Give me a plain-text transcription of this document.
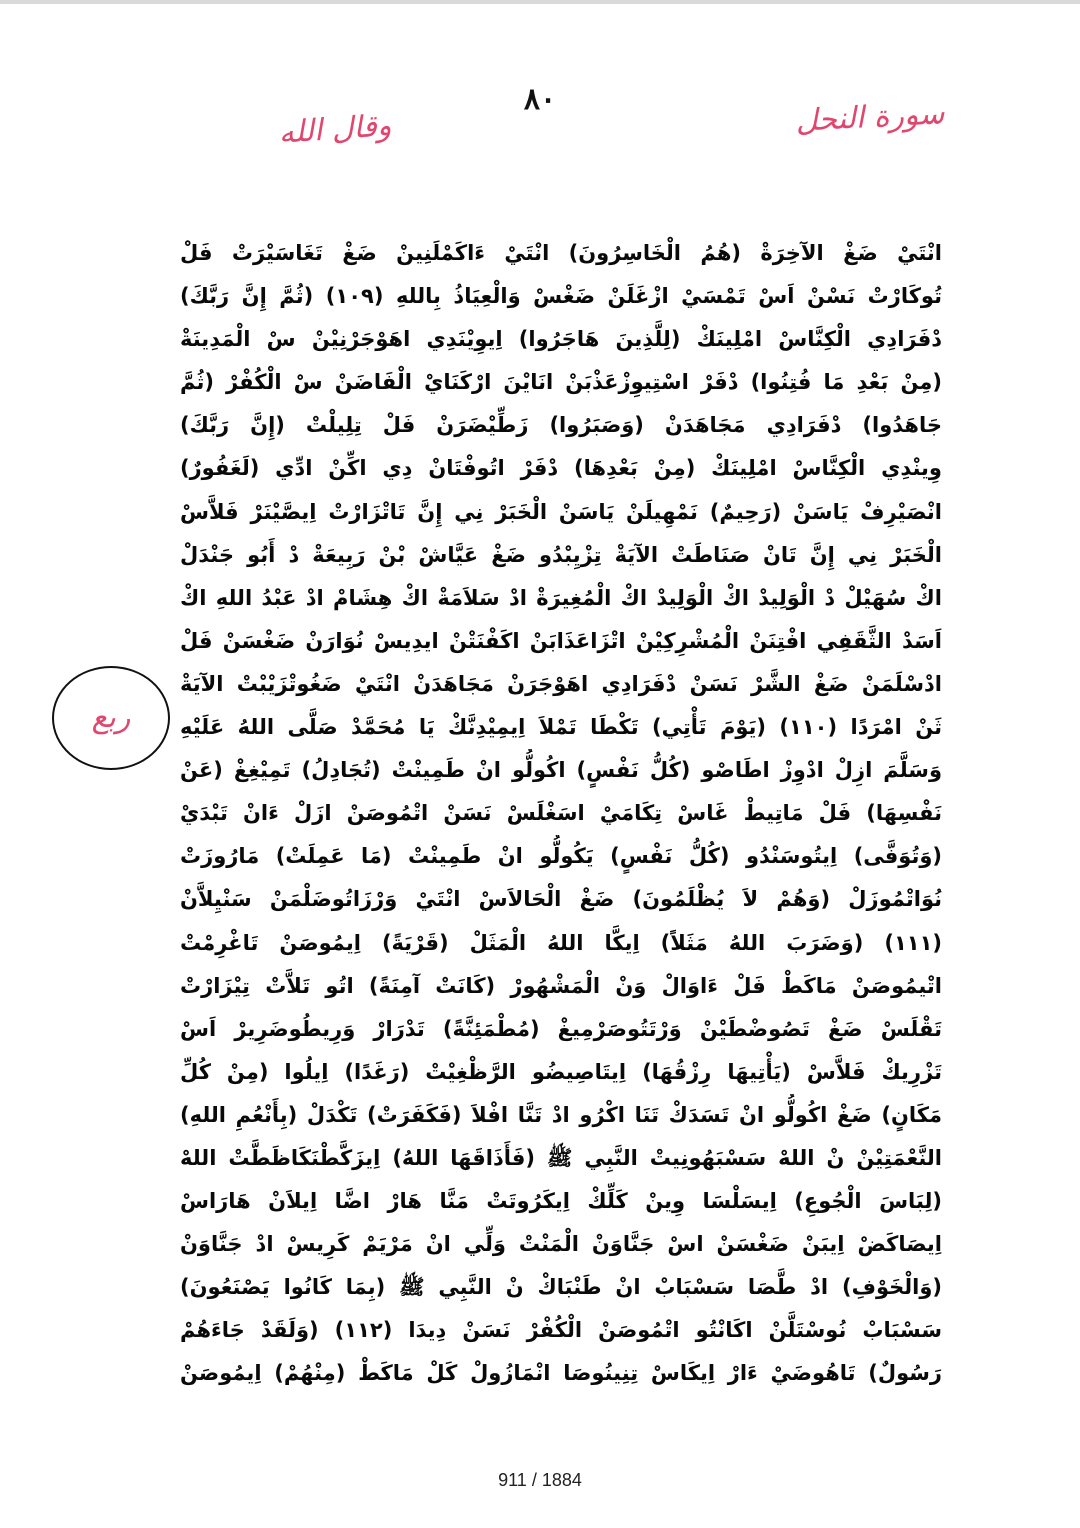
٨٠
وقال الله	سورة النحل
ربع
انْتَيْ ضَغْ الآخِرَةْ (هُمُ الْخَاسِرُونَ) انْتَيْ ءَاكَمْلَنِينْ ضَغْ تَغَاسَيْرَتْ فَلْ
تُوكَارْتْ نَسْنْ اَسْ تَمْسَيْ ازْغَلَنْ ضَغْسْ وَالْعِيَاذُ بِاللهِ (١٠٩) (ثُمَّ إِنَّ رَبَّكَ)
دْفَرَادِي الْكِنَّاسْ امْلِينَكْ (لِلَّذِينَ هَاجَرُوا) اِيوِيْنَدِي اهَوْجَرْنِيْنْ سْ الْمَدِينَةْ
(مِنْ بَعْدِ مَا فُتِنُوا) دْفَرْ اسْتِيوِزْعَذْبَنْ انَايْنَ ارْكَنَايْ الْفَاضَنْ سْ الْكُفْرْ (ثُمَّ
جَاهَدُوا) دْفَرَادِي مَجَاهَدَنْ (وَصَبَرُوا) زَطِّيْضَرَنْ فَلْ تِلِيلْتْ (إِنَّ رَبَّكَ)
وِينْدِي الْكِنَّاسْ امْلِينَكْ (مِنْ بَعْدِهَا) دْفَرْ اتُوفْتَانْ دِي اكِّنْ ادِّي (لَغَفُورٌ)
انْصَيْرِفْ يَاسَنْ (رَحِيمٌ) نَمْهِيلَنْ يَاسَنْ الْخَبَرْ نِي إِنَّ تَاتْزَارْتْ اِيصَّيْنَرْ فَلاَّسْ
الْخَبَرْ نِي إِنَّ تَانْ صَنَاطَتْ الآيَةْ تِزْيِبْدُو ضَغْ عَيَّاشْ بْنْ رَبِيعَةْ دْ أَبُو جَنْدَلْ
اكْ سُهَيْلْ دْ الْوَلِيدْ اكْ الْوَلِيدْ اكْ الْمُغِيرَةْ ادْ سَلاَمَةْ اكْ هِشَامْ ادْ عَبْدُ اللهِ اكْ
اَسَدْ الثَّقَفِي افْتِنَنْ الْمُشْرِكِيْنْ اتْزَاعَذَابَنْ اكَفْنَتْنْ ايدِيسْ نُوَارَنْ ضَغْسَنْ فَلْ
ادْسْلَمَنْ ضَغْ الشَّرْ نَسَنْ دْفَرَادِي اهَوْجَرَنْ مَجَاهَدَنْ انْتَيْ ضَغُوتْزَيْبْتْ الآيَةْ
ثَنْ امْرَدًا (١١٠) (يَوْمَ تَأْتِي) تَكْطَا تَمْلاَ اِيمِيْدِنَّكْ يَا مُحَمَّدْ صَلَّى اللهُ عَلَيْهِ
وَسَلَّمَ ازِلْ ادْوِزْ اطَاصْو (كُلُّ نَفْسٍ) اكُولُّو انْ طَمِينْتْ (تُجَادِلُ) تَمِيْغِغْ (عَنْ
نَفْسِهَا) فَلْ مَاتِيطْ غَاسْ تِكَامَيْ اسَغْلَسْ نَسَنْ اتْمُوصَنْ ازَلْ ءَانْ تَبْدَيْ
(وَتُوَفَّى) اِيتُوسَنْدُو (كُلُّ نَفْسٍ) يَكُولُّو انْ طَمِينْتْ (مَا عَمِلَتْ) مَارُوزَتْ
نُوَاتْمُوزَلْ (وَهُمْ لاَ يُظْلَمُونَ) ضَغْ الْحَالاَسْ انْتَيْ وَرْزَاتُوضَلْمَنْ سَنْيِلاَّنْ
(١١١) (وَضَرَبَ اللهُ مَثَلاً) اِيكَّا اللهُ الْمَثَلْ (قَرْيَةً) اِيمُوصَنْ تَاغْرِمْتْ
اتْيمُوصَنْ مَاكَطْ فَلْ ءَاوَالْ وَنْ الْمَشْهُورْ (كَانَتْ آمِنَةً) اتُو تَلاَّتْ تِيْزَارْتْ
تَقْلَسْ ضَغْ تَصُوضْطَيْنْ وَرْتَتُوصَرْمِيغْ (مُطْمَئِنَّةً) تَدْرَارْ وَرِيطُوضَرِيرْ اَسْ
تَزْرِيكْ فَلاَّسْ (يَأْتِيهَا رِزْقُهَا) اِيتَاصِيضُو الرَّظْغِيْتْ (رَغَدًا) اِيلُوا (مِنْ كُلِّ
مَكَانٍ) ضَغْ اكُولُّو انْ تَسَدَكْ تَنَا اكْرُو ادْ تَنَّا افْلاَ (فَكَفَرَتْ) تَكْدَلْ (بِأَنْعُمِ اللهِ)
النَّعْمَتِيْنْ نْ اللهْ سَسْبَهُونِيتْ النَّبِي ﷺ (فَأَذَاقَهَا اللهُ) اِيزَكَّطْنَكَاظَطَّتْ اللهْ
(لِبَاسَ الْجُوعِ) اِيسَلْسَا وِينْ كَلِّكْ اِيكَرُوتَتْ مَنَّا هَارْ اضَّا اِيلاَنْ هَارَاسْ
اِيصَاكَضْ اِيبَنْ ضَغْسَنْ اسْ جَنَّاوَنْ الْمَنْتْ وَلِّي انْ مَرْيَمْ كَرِيسْ ادْ جَنَّاوَنْ
(وَالْخَوْفِ) ادْ طَّصَا سَسْبَابْ انْ طَنْبَاكْ نْ النَّبِي ﷺ (بِمَا كَانُوا يَصْنَعُونَ)
سَسْبَابْ نُوسْتَلَّنْ اكَانْتُو اتْمُوصَنْ الْكُفْرْ نَسَنْ دِيدَا (١١٢) (وَلَقَدْ جَاءَهُمْ
رَسُولٌ) تَاهُوضَيْ ءَارْ اِيكَاسْ تِنِينُوصَا انْمَازُولْ كَلْ مَاكَطْ (مِنْهُمْ) اِيمُوصَنْ
911 / 1884
